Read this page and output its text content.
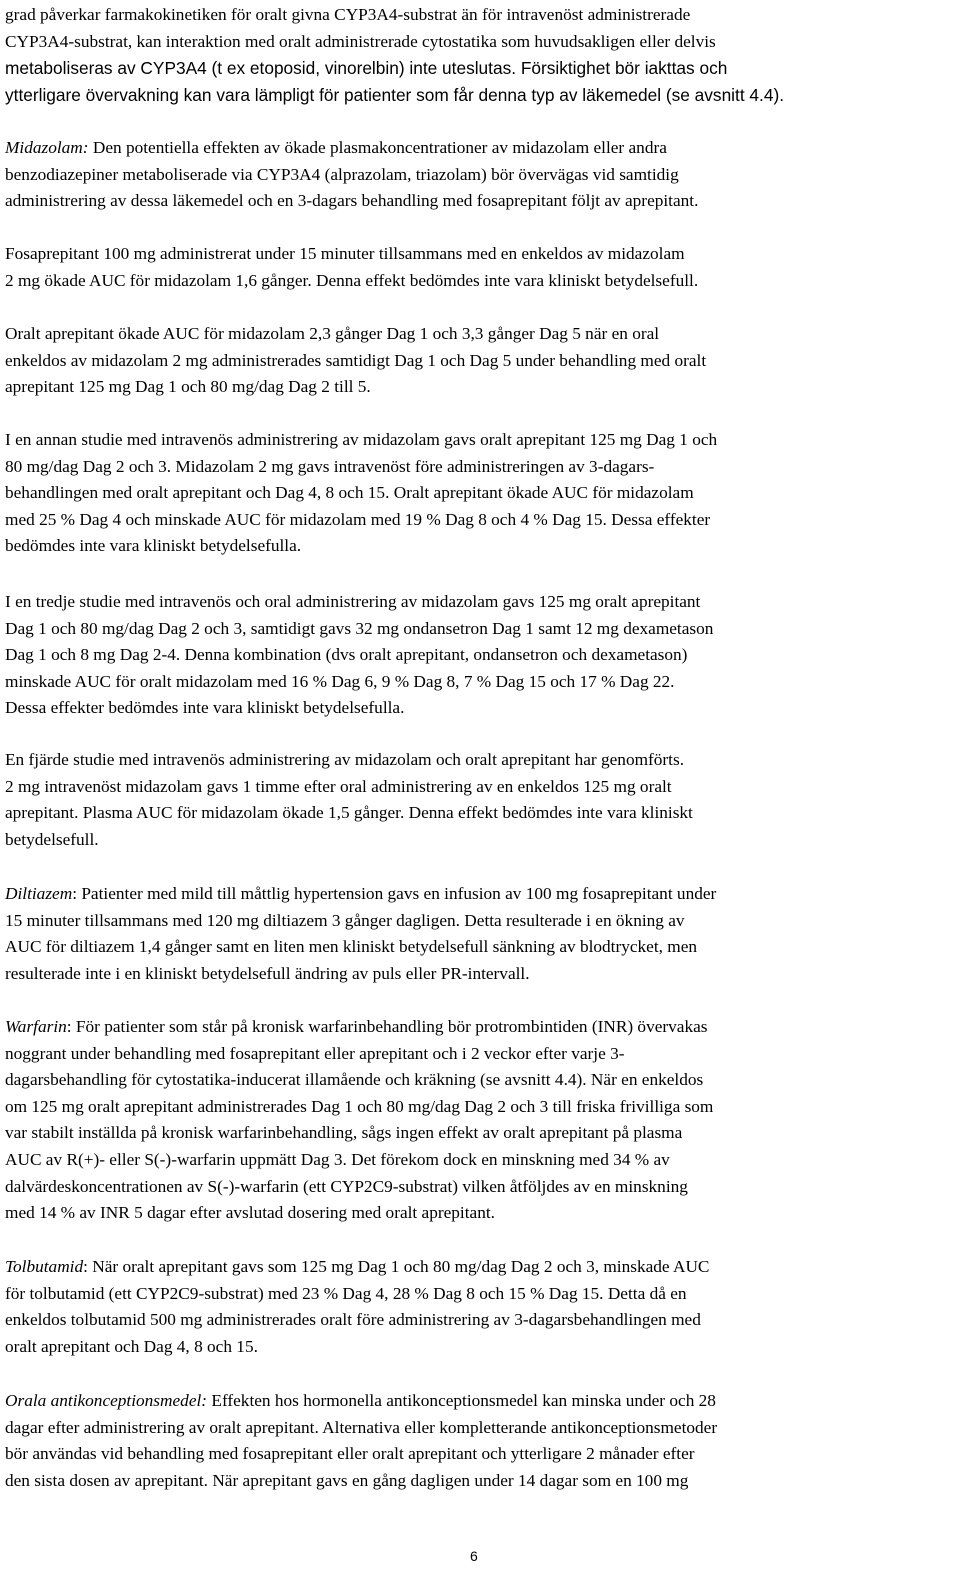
grad påverkar farmakokinetiken för oralt givna CYP3A4-substrat än för intravenöst administrerade
CYP3A4-substrat, kan interaktion med oralt administrerade cytostatika som huvudsakligen eller delvis
metaboliseras av CYP3A4 (t ex etoposid, vinorelbin) inte uteslutas. Försiktighet bör iakttas och
ytterligare övervakning kan vara lämpligt för patienter som får denna typ av läkemedel (se avsnitt 4.4).
Midazolam: Den potentiella effekten av ökade plasmakoncentrationer av midazolam eller andra
benzodiazepiner metaboliserade via CYP3A4 (alprazolam, triazolam) bör övervägas vid samtidig
administrering av dessa läkemedel och en 3-dagars behandling med fosaprepitant följt av aprepitant.
Fosaprepitant 100 mg administrerat under 15 minuter tillsammans med en enkeldos av midazolam
2 mg ökade AUC för midazolam 1,6 gånger. Denna effekt bedömdes inte vara kliniskt betydelsefull.
Oralt aprepitant ökade AUC för midazolam 2,3 gånger Dag 1 och 3,3 gånger Dag 5 när en oral
enkeldos av midazolam 2 mg administrerades samtidigt Dag 1 och Dag 5 under behandling med oralt
aprepitant 125 mg Dag 1 och 80 mg/dag Dag 2 till 5.
I en annan studie med intravenös administrering av midazolam gavs oralt aprepitant 125 mg Dag 1 och
80 mg/dag Dag 2 och 3. Midazolam 2 mg gavs intravenöst före administreringen av 3-dagars-
behandlingen med oralt aprepitant och Dag 4, 8 och 15. Oralt aprepitant ökade AUC för midazolam
med 25 % Dag 4 och minskade AUC för midazolam med 19 % Dag 8 och 4 % Dag 15. Dessa effekter
bedömdes inte vara kliniskt betydelsefulla.
I en tredje studie med intravenös och oral administrering av midazolam gavs 125 mg oralt aprepitant
Dag 1 och 80 mg/dag Dag 2 och 3, samtidigt gavs 32 mg ondansetron Dag 1 samt 12 mg dexametason
Dag 1 och 8 mg Dag 2-4. Denna kombination (dvs oralt aprepitant, ondansetron och dexametason)
minskade AUC för oralt midazolam med 16 % Dag 6, 9 % Dag 8, 7 % Dag 15 och 17 % Dag 22.
Dessa effekter bedömdes inte vara kliniskt betydelsefulla.
En fjärde studie med intravenös administrering av midazolam och oralt aprepitant har genomförts.
2 mg intravenöst midazolam gavs 1 timme efter oral administrering av en enkeldos 125 mg oralt
aprepitant. Plasma AUC för midazolam ökade 1,5 gånger. Denna effekt bedömdes inte vara kliniskt
betydelsefull.
Diltiazem: Patienter med mild till måttlig hypertension gavs en infusion av 100 mg fosaprepitant under
15 minuter tillsammans med 120 mg diltiazem 3 gånger dagligen. Detta resulterade i en ökning av
AUC för diltiazem 1,4 gånger samt en liten men kliniskt betydelsefull sänkning av blodtrycket, men
resulterade inte i en kliniskt betydelsefull ändring av puls eller PR-intervall.
Warfarin: För patienter som står på kronisk warfarinbehandling bör protrombintiden (INR) övervakas
noggrant under behandling med fosaprepitant eller aprepitant och i 2 veckor efter varje 3-
dagarsbehandling för cytostatika-inducerat illamående och kräkning (se avsnitt 4.4). När en enkeldos
om 125 mg oralt aprepitant administrerades Dag 1 och 80 mg/dag Dag 2 och 3 till friska frivilliga som
var stabilt inställda på kronisk warfarinbehandling, sågs ingen effekt av oralt aprepitant på plasma
AUC av R(+)- eller S(-)-warfarin uppmätt Dag 3. Det förekom dock en minskning med 34 % av
dalvärdeskoncentrationen av S(-)-warfarin (ett CYP2C9-substrat) vilken åtföljdes av en minskning
med 14 % av INR 5 dagar efter avslutad dosering med oralt aprepitant.
Tolbutamid: När oralt aprepitant gavs som 125 mg Dag 1 och 80 mg/dag Dag 2 och 3, minskade AUC
för tolbutamid (ett CYP2C9-substrat) med 23 % Dag 4, 28 % Dag 8 och 15 % Dag 15. Detta då en
enkeldos tolbutamid 500 mg administrerades oralt före administrering av 3-dagarsbehandlingen med
oralt aprepitant och Dag 4, 8 och 15.
Orala antikonceptionsmedel: Effekten hos hormonella antikonceptionsmedel kan minska under och 28
dagar efter administrering av oralt aprepitant. Alternativa eller kompletterande antikonceptionsmetoder
bör användas vid behandling med fosaprepitant eller oralt aprepitant och ytterligare 2 månader efter
den sista dosen av aprepitant. När aprepitant gavs en gång dagligen under 14 dagar som en 100 mg
6
